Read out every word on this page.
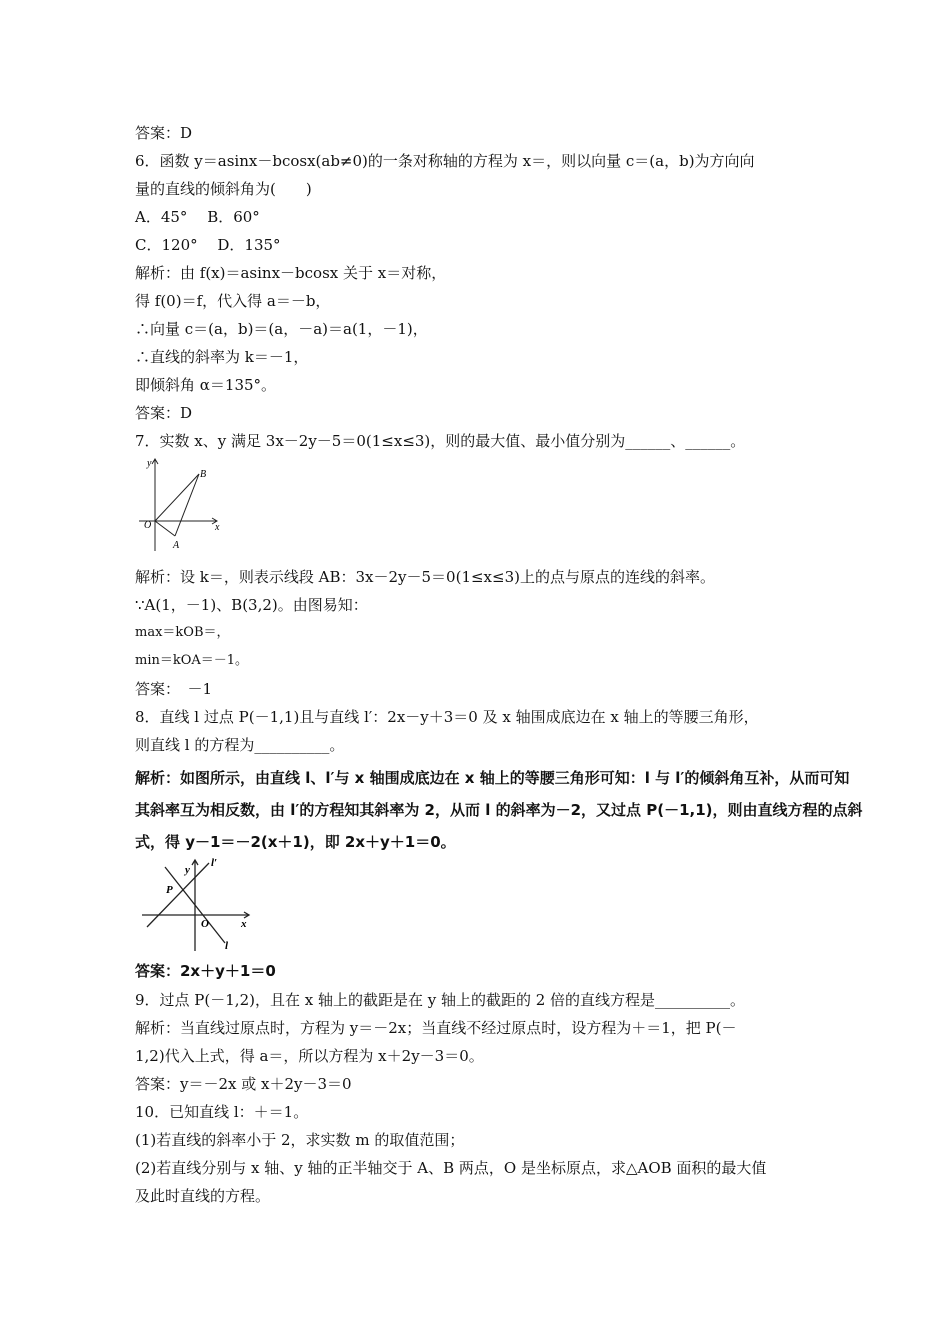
答案：D
6．函数 y＝asinx－bcosx(ab≠0)的一条对称轴的方程为 x＝，则以向量 c＝(a，b)为方向向
量的直线的倾斜角为(　　)
A．45°　 B．60°
C．120°　 D．135°
解析：由 f(x)＝asinx－bcosx 关于 x＝对称，
得 f(0)＝f，代入得 a＝－b，
∴向量 c＝(a，b)＝(a，－a)＝a(1，－1)，
∴直线的斜率为 k＝－1，
即倾斜角 α＝135°。
答案：D
7．实数 x、y 满足 3x－2y－5＝0(1≤x≤3)，则的最大值、最小值分别为______、______。
y
x
O
A
B
解析：设 k＝，则表示线段 AB：3x－2y－5＝0(1≤x≤3)上的点与原点的连线的斜率。
∵A(1，－1)、B(3,2)。由图易知：
max＝kOB＝，
min＝kOA＝－1。
答案：　－1
8．直线 l 过点 P(－1,1)且与直线 l′：2x－y＋3＝0 及 x 轴围成底边在 x 轴上的等腰三角形，
则直线 l 的方程为__________。
解析：如图所示，由直线 l、l′与 x 轴围成底边在 x 轴上的等腰三角形可知：l 与 l′的倾斜角互补，从而可知
其斜率互为相反数，由 l′的方程知其斜率为 2，从而 l 的斜率为－2，又过点 P(－1,1)，则由直线方程的点斜
式，得 y－1＝－2(x＋1)，即 2x＋y＋1＝0。
y
l′
P
O	x
l
答案：2x＋y＋1＝0
9．过点 P(－1,2)，且在 x 轴上的截距是在 y 轴上的截距的 2 倍的直线方程是__________。
解析：当直线过原点时，方程为 y＝－2x；当直线不经过原点时，设方程为＋＝1，把 P(－
1,2)代入上式，得 a＝，所以方程为 x＋2y－3＝0。
答案：y＝－2x 或 x＋2y－3＝0
10．已知直线 l：＋＝1。
(1)若直线的斜率小于 2，求实数 m 的取值范围；
(2)若直线分别与 x 轴、y 轴的正半轴交于 A、B 两点，O 是坐标原点，求△AOB 面积的最大值
及此时直线的方程。
